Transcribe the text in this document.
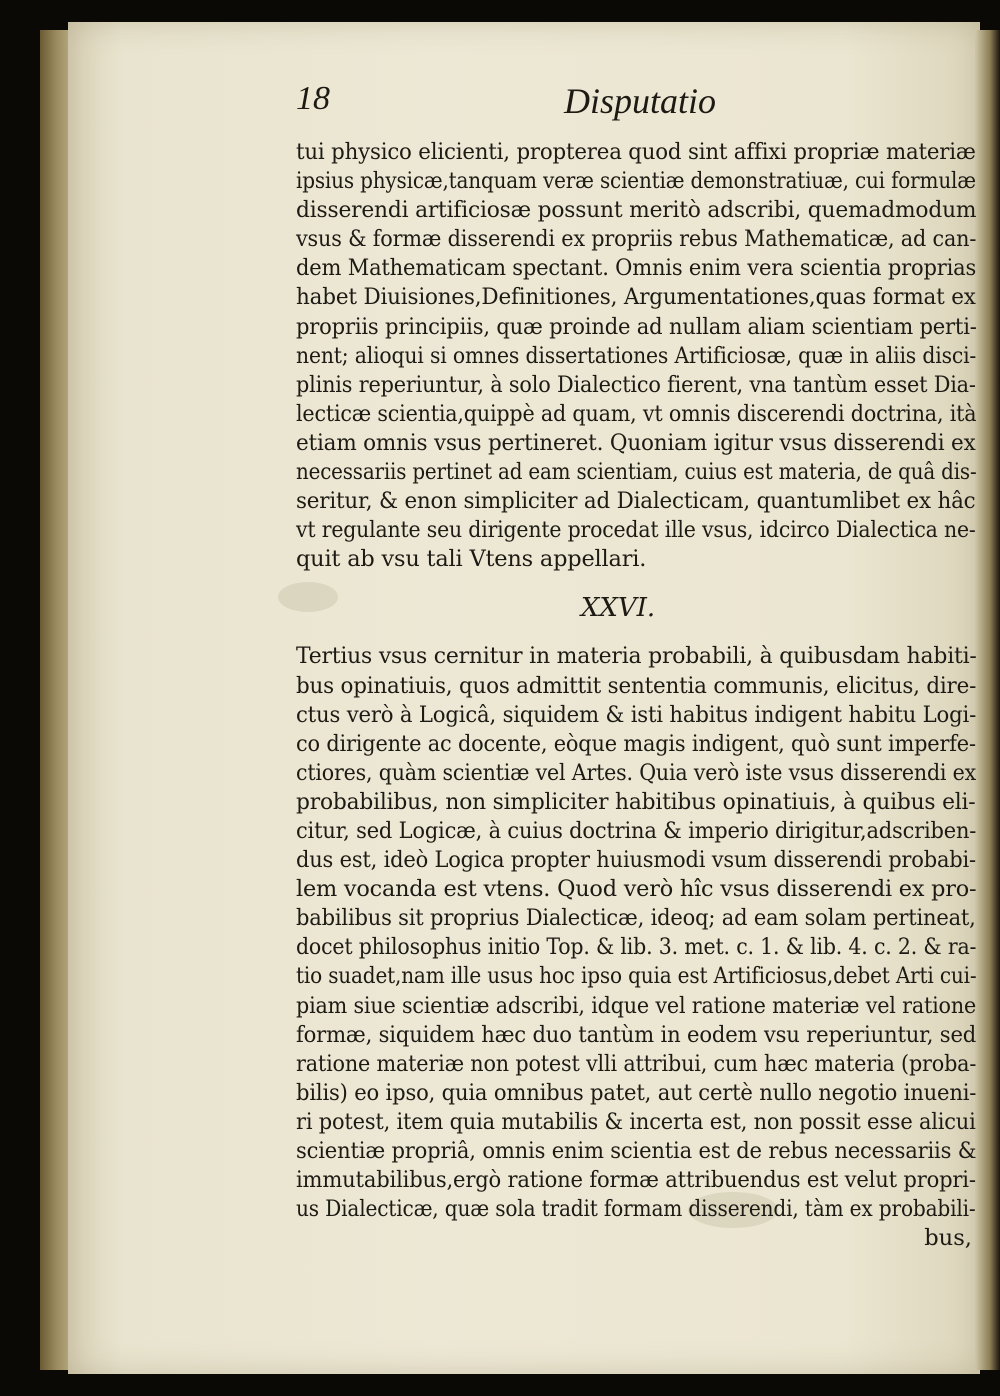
18	Disputatio
tui physico elicienti, propterea quod sint affixi propriæ materiæ
ipsius physicæ,tanquam veræ scientiæ demonstratiuæ, cui formulæ
disserendi artificiosæ possunt meritò adscribi, quemadmodum
vsus & formæ disserendi ex propriis rebus Mathematicæ, ad can-
dem Mathematicam spectant. Omnis enim vera scientia proprias
habet Diuisiones,Definitiones, Argumentationes,quas format ex
propriis principiis, quæ proinde ad nullam aliam scientiam perti-
nent; alioqui si omnes dissertationes Artificiosæ, quæ in aliis disci-
plinis reperiuntur, à solo Dialectico fierent, vna tantùm esset Dia-
lecticæ scientia,quippè ad quam, vt omnis discerendi doctrina, ità
etiam omnis vsus pertineret. Quoniam igitur vsus disserendi ex
necessariis pertinet ad eam scientiam, cuius est materia, de quâ dis-
seritur, & enon simpliciter ad Dialecticam, quantumlibet ex hâc
vt regulante seu dirigente procedat ille vsus, idcirco Dialectica ne-
quit ab vsu tali Vtens appellari.
XXVI.
Tertius vsus cernitur in materia probabili, à quibusdam habiti-
bus opinatiuis, quos admittit sententia communis, elicitus, dire-
ctus verò à Logicâ, siquidem & isti habitus indigent habitu Logi-
co dirigente ac docente, eòque magis indigent, quò sunt imperfe-
ctiores, quàm scientiæ vel Artes. Quia verò iste vsus disserendi ex
probabilibus, non simpliciter habitibus opinatiuis, à quibus eli-
citur, sed Logicæ, à cuius doctrina & imperio dirigitur,adscriben-
dus est, ideò Logica propter huiusmodi vsum disserendi probabi-
lem vocanda est vtens. Quod verò hîc vsus disserendi ex pro-
babilibus sit proprius Dialecticæ, ideoq; ad eam solam pertineat,
docet philosophus initio Top. & lib. 3. met. c. 1. & lib. 4. c. 2. & ra-
tio suadet,nam ille usus hoc ipso quia est Artificiosus,debet Arti cui-
piam siue scientiæ adscribi, idque vel ratione materiæ vel ratione
formæ, siquidem hæc duo tantùm in eodem vsu reperiuntur, sed
ratione materiæ non potest vlli attribui, cum hæc materia (proba-
bilis) eo ipso, quia omnibus patet, aut certè nullo negotio inueni-
ri potest, item quia mutabilis & incerta est, non possit esse alicui
scientiæ propriâ, omnis enim scientia est de rebus necessariis &
immutabilibus,ergò ratione formæ attribuendus est velut propri-
us Dialecticæ, quæ sola tradit formam disserendi, tàm ex probabili-
bus,
